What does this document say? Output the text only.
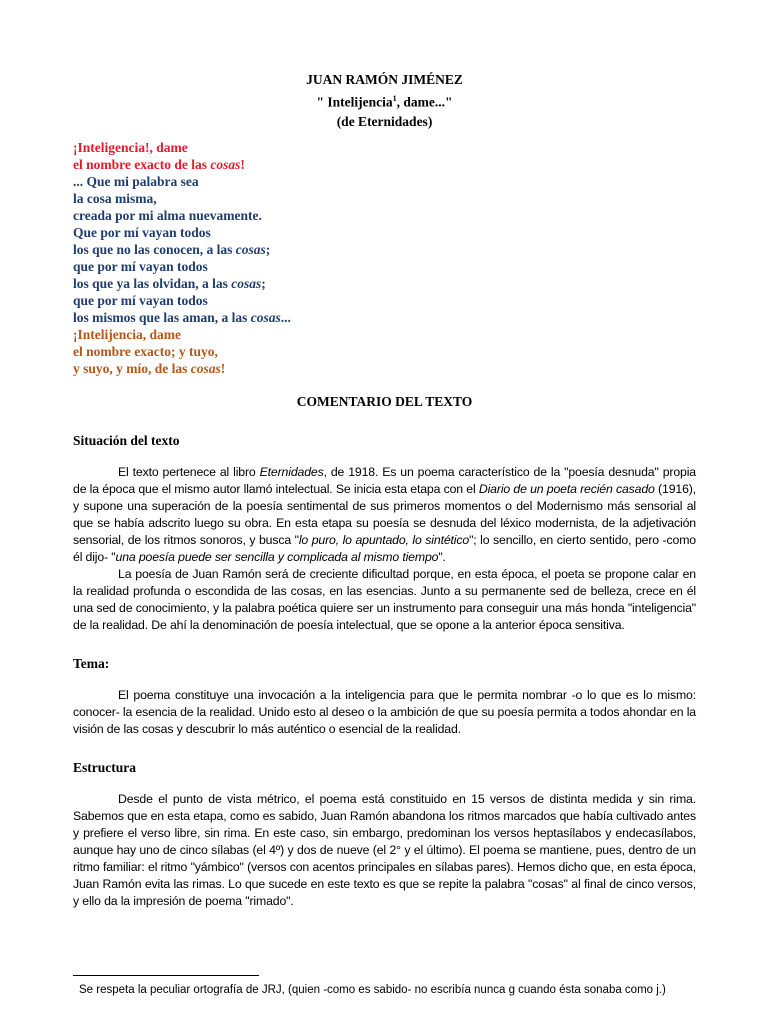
JUAN RAMÓN JIMÉNEZ
" Intelijencia$^1$, dame..."
(de Eternidades)
¡Inteligencia!, dame
el nombre exacto de las cosas!
... Que mi palabra sea
la cosa misma,
creada por mi alma nuevamente.
Que por mí vayan todos
los que no las conocen, a las cosas;
que por mí vayan todos
los que ya las olvidan, a las cosas;
que por mí vayan todos
los mismos que las aman, a las cosas...
¡Intelijencia, dame
el nombre exacto; y tuyo,
y suyo, y mío, de las cosas!
COMENTARIO DEL TEXTO
Situación del texto

El texto pertenece al libro Eternidades, de 1918. Es un poema característico de la "poesía desnuda" propia de la época que el mismo autor llamó intelectual. Se inicia esta etapa con el Diario de un poeta recién casado (1916), y supone una superación de la poesía sentimental de sus primeros momentos o del Modernismo más sensorial al que se había adscrito luego su obra. En esta etapa su poesía se desnuda del léxico modernista, de la adjetivación sensorial, de los ritmos sonoros, y busca "lo puro, lo apuntado, lo sintético"; lo sencillo, en cierto sentido, pero -como él dijo- "una poesía puede ser sencilla y complicada al mismo tiempo".

La poesía de Juan Ramón será de creciente dificultad porque, en esta época, el poeta se propone calar en la realidad profunda o escondida de las cosas, en las esencias. Junto a su permanente sed de belleza, crece en él una sed de conocimiento, y la palabra poética quiere ser un instrumento para conseguir una más honda "inteligencia" de la realidad. De ahí la denominación de poesía intelectual, que se opone a la anterior época sensitiva.

Tema:

El poema constituye una invocación a la inteligencia para que le permita nombrar -o lo que es lo mismo: conocer- la esencia de la realidad. Unido esto al deseo o la ambición de que su poesía permita a todos ahondar en la visión de las cosas y descubrir lo más auténtico o esencial de la realidad.

Estructura

Desde el punto de vista métrico, el poema está constituido en 15 versos de distinta medida y sin rima. Sabemos que en esta etapa, como es sabido, Juan Ramón abandona los ritmos marcados que había cultivado antes y prefiere el verso libre, sin rima. En este caso, sin embargo, predominan los versos heptasílabos y endecasílabos, aunque hay uno de cinco sílabas (el 4º) y dos de nueve (el 2° y el último). El poema se mantiene, pues, dentro de un ritmo familiar: el ritmo "yámbico" (versos con acentos principales en sílabas pares). Hemos dicho que, en esta época, Juan Ramón evita las rimas. Lo que sucede en este texto es que se repite la palabra "cosas" al final de cinco versos, y ello da la impresión de poema "rimado".

Se respeta la peculiar ortografía de JRJ, (quien -como es sabido- no escribía nunca g cuando ésta sonaba como j.)
